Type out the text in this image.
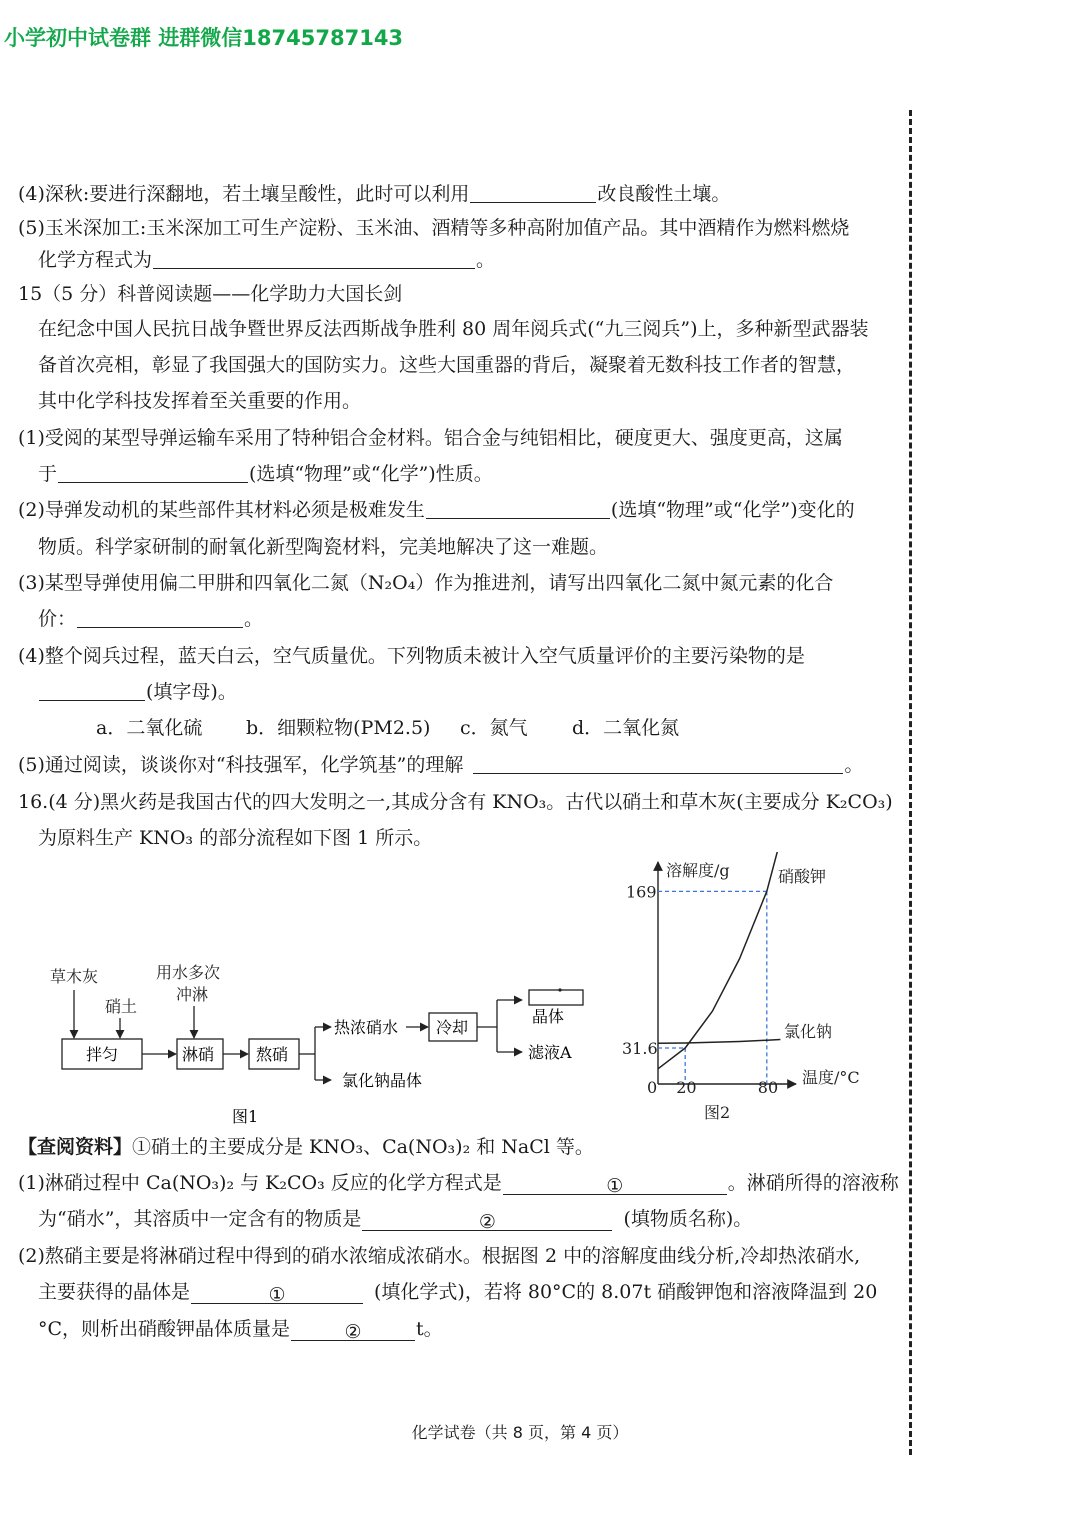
小学初中试卷群 进群微信18745787143
(4)深秋:要进行深翻地，若土壤呈酸性，此时可以利用	改良酸性土壤。
(5)玉米深加工:玉米深加工可生产淀粉、玉米油、酒精等多种高附加值产品。其中酒精作为燃料燃烧
化学方程式为	。
15（5 分）科普阅读题——化学助力大国长剑
在纪念中国人民抗日战争暨世界反法西斯战争胜利 80 周年阅兵式(“九三阅兵”)上，多种新型武器装
备首次亮相，彰显了我国强大的国防实力。这些大国重器的背后，凝聚着无数科技工作者的智慧，
其中化学科技发挥着至关重要的作用。
(1)受阅的某型导弹运输车采用了特种铝合金材料。铝合金与纯铝相比，硬度更大、强度更高，这属
于	(选填“物理”或“化学”)性质。
(2)导弹发动机的某些部件其材料必须是极难发生	(选填“物理”或“化学”)变化的
物质。科学家研制的耐氧化新型陶瓷材料，完美地解决了这一难题。
(3)某型导弹使用偏二甲肼和四氧化二氮（N₂O₄）作为推进剂，请写出四氧化二氮中氮元素的化合
价：	。
(4)整个阅兵过程，蓝天白云，空气质量优。下列物质未被计入空气质量评价的主要污染物的是
(填字母)。
a．二氧化硫 b．细颗粒物(PM2.5) c．氮气 d．二氧化氮
(5)通过阅读，谈谈你对“科技强军，化学筑基”的理解	。
16.(4 分)黑火药是我国古代的四大发明之一,其成分含有 KNO₃。古代以硝土和草木灰(主要成分 K₂CO₃)
为原料生产 KNO₃ 的部分流程如下图 1 所示。
草木灰
硝土
用水多次
冲淋
拌匀	淋硝	熬硝
热浓硝水
氯化钠晶体
冷却
晶体
滤液A
图1
溶解度/g
温度/°C
169
31.6
0 20	80
硝酸钾
氯化钠
图2
【查阅资料】①硝土的主要成分是 KNO₃、Ca(NO₃)₂ 和 NaCl 等。
(1)淋硝过程中 Ca(NO₃)₂ 与 K₂CO₃ 反应的化学方程式是	①	。淋硝所得的溶液称
为“硝水”，其溶质中一定含有的物质是	②	(填物质名称)。
(2)熬硝主要是将淋硝过程中得到的硝水浓缩成浓硝水。根据图 2 中的溶解度曲线分析,冷却热浓硝水,
主要获得的晶体是	①	(填化学式)，若将 80°C的 8.07t 硝酸钾饱和溶液降温到 20
°C，则析出硝酸钾晶体质量是	②	t。
化学试卷（共 8 页，第 4 页）
